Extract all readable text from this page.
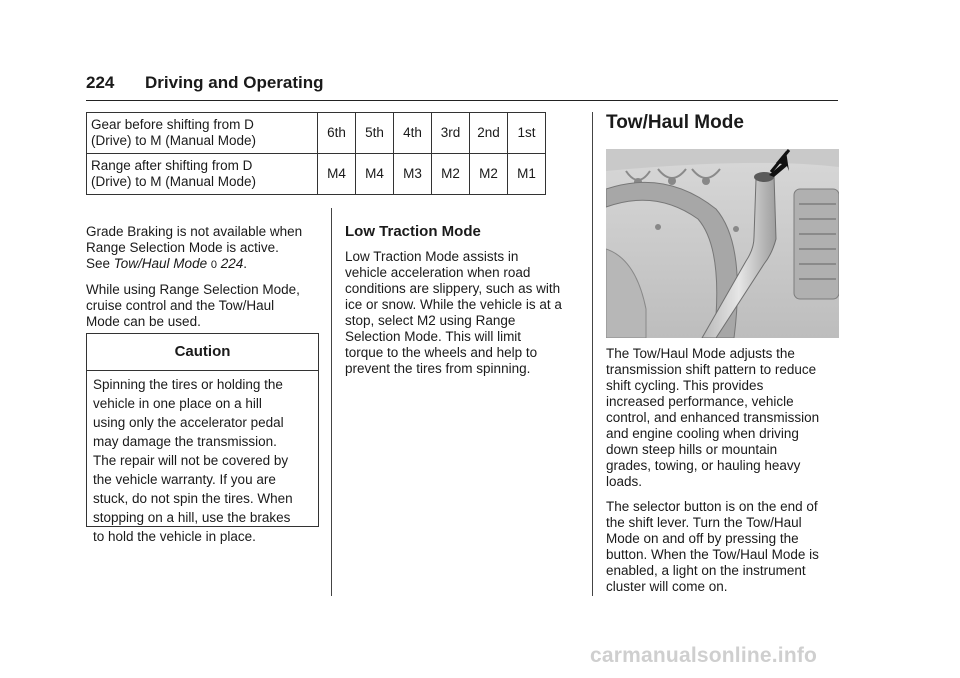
224 Driving and Operating
Gear before shifting from D
(Drive) to M (Manual Mode)	6th	5th	4th	3rd	2nd	1st

Range after shifting from D
(Drive) to M (Manual Mode)	M4	M4	M3	M2	M2	M1

Grade Braking is not available when
Range Selection Mode is active.
See Tow/Haul Mode 0 224.

While using Range Selection Mode,
cruise control and the Tow/Haul
Mode can be used.

Caution
Spinning the tires or holding the
vehicle in one place on a hill
using only the accelerator pedal
may damage the transmission.
The repair will not be covered by
the vehicle warranty. If you are
stuck, do not spin the tires. When
stopping on a hill, use the brakes
to hold the vehicle in place.
Low Traction Mode

Low Traction Mode assists in
vehicle acceleration when road
conditions are slippery, such as with
ice or snow. While the vehicle is at a
stop, select M2 using Range
Selection Mode. This will limit
torque to the wheels and help to
prevent the tires from spinning.

Tow/Haul Mode

The Tow/Haul Mode adjusts the
transmission shift pattern to reduce
shift cycling. This provides
increased performance, vehicle
control, and enhanced transmission
and engine cooling when driving
down steep hills or mountain
grades, towing, or hauling heavy
loads.

The selector button is on the end of
the shift lever. Turn the Tow/Haul
Mode on and off by pressing the
button. When the Tow/Haul Mode is
enabled, a light on the instrument
cluster will come on.

carmanualsonline.info
